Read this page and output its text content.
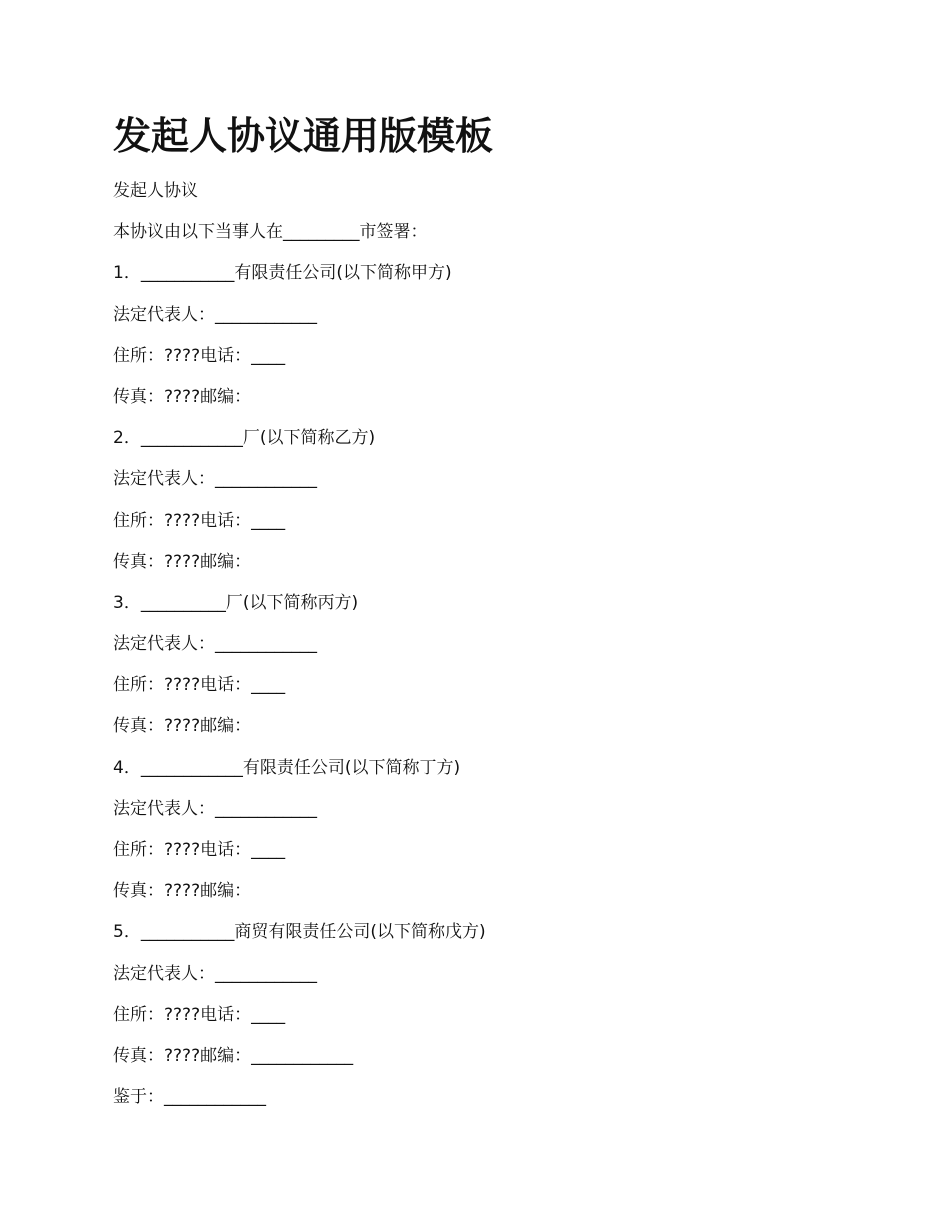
发起人协议通用版模板
发起人协议
本协议由以下当事人在_________市签署：
1．___________有限责任公司(以下简称甲方)
法定代表人：____________
住所：????电话：____
传真：????邮编：
2．____________厂(以下简称乙方)
法定代表人：____________
住所：????电话：____
传真：????邮编：
3．__________厂(以下简称丙方)
法定代表人：____________
住所：????电话：____
传真：????邮编：
4．____________有限责任公司(以下简称丁方)
法定代表人：____________
住所：????电话：____
传真：????邮编：
5．___________商贸有限责任公司(以下简称戊方)
法定代表人：____________
住所：????电话：____
传真：????邮编：____________
鉴于：____________
